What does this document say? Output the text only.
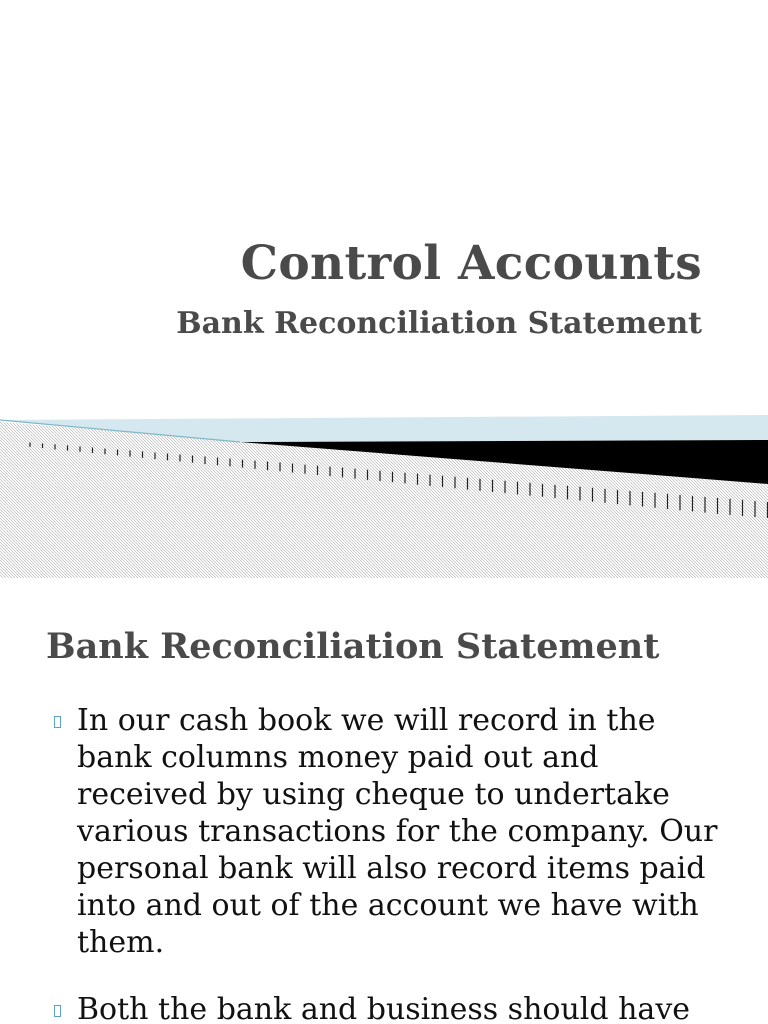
Control Accounts
Bank Reconciliation Statement
Bank Reconciliation Statement
In our cash book we will record in the bank columns money paid out and received by using cheque to undertake various transactions for the company. Our personal bank will also record items paid into and out of the account we have with them.
Both the bank and business should have
